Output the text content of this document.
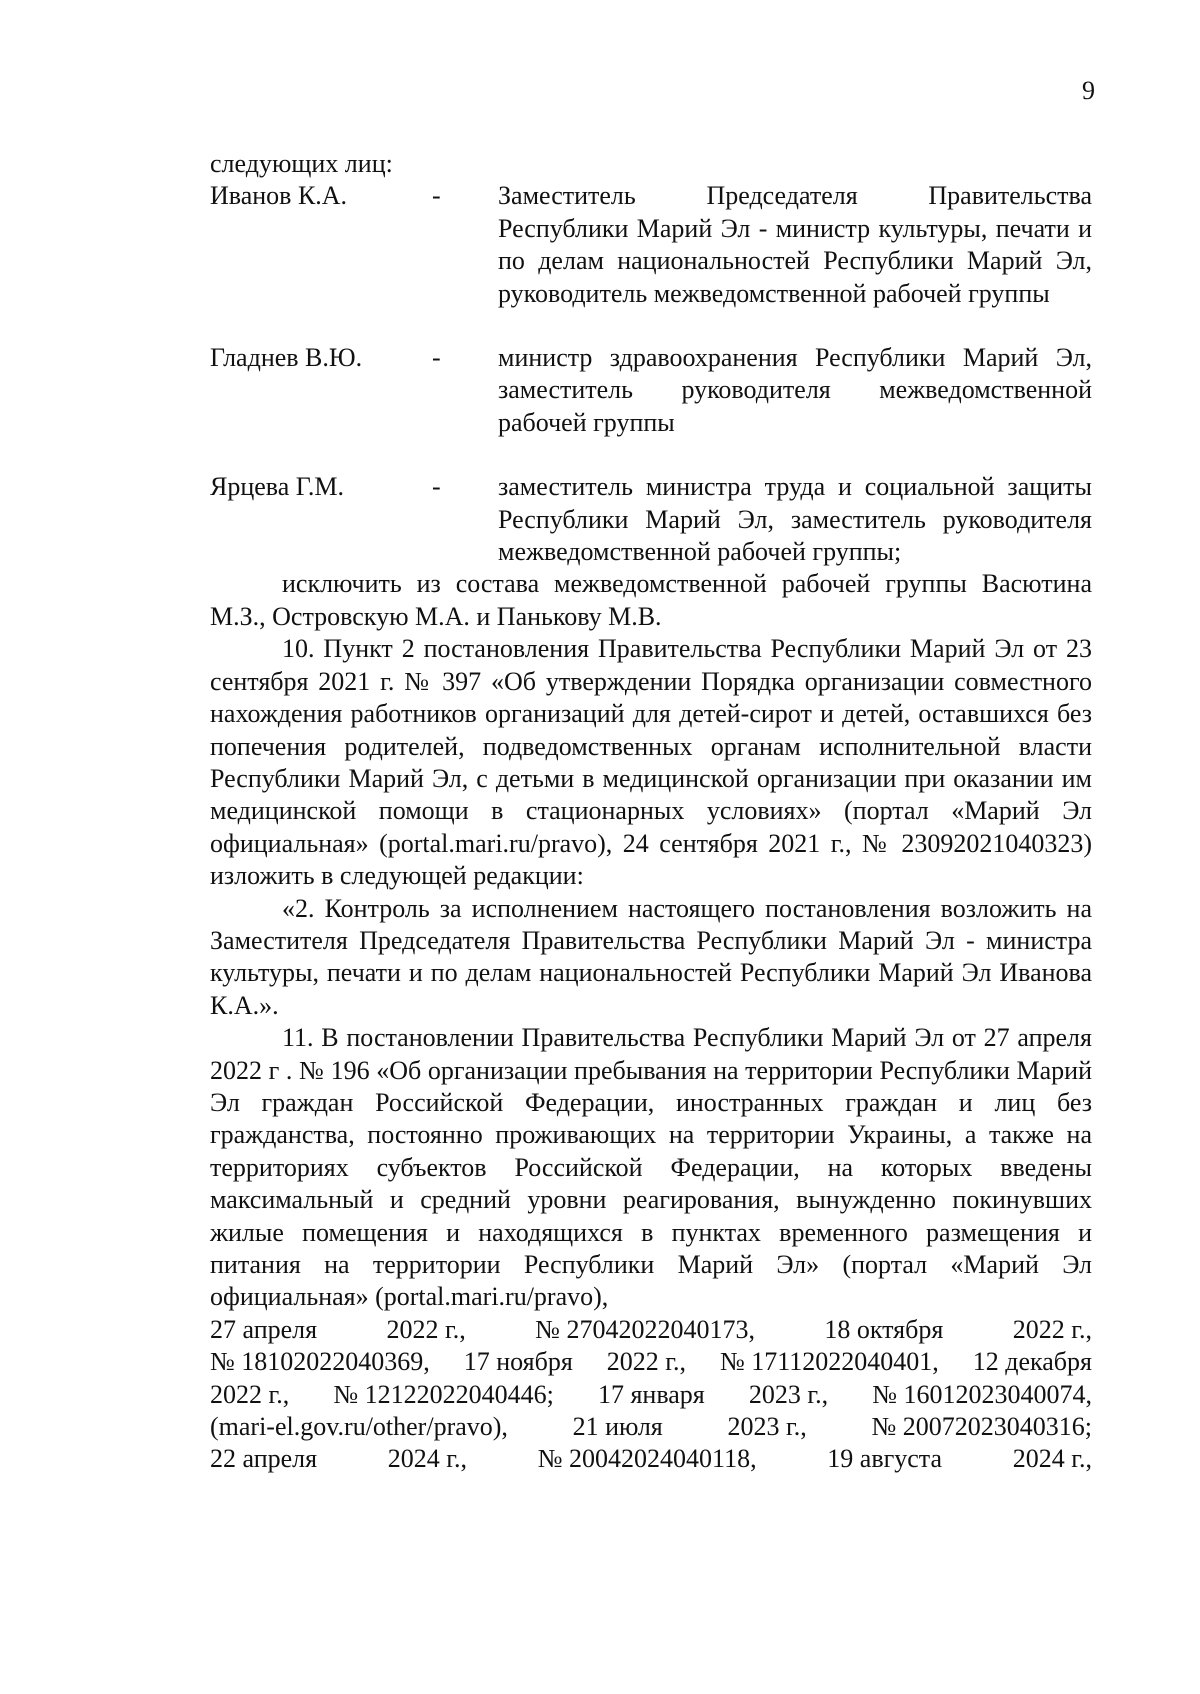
9

следующих лиц:

Иванов К.А.	-	Заместитель Председателя Правительства Республики Марий Эл - министр культуры, печати и по делам национальностей Республики Марий Эл, руководитель межведомственной рабочей группы

Гладнев В.Ю.	-	министр здравоохранения Республики Марий Эл, заместитель руководителя межведомственной рабочей группы

Ярцева Г.М.	-	заместитель министра труда и социальной защиты Республики Марий Эл, заместитель руководителя межведомственной рабочей группы;

исключить из состава межведомственной рабочей группы Васютина М.З., Островскую М.А. и Панькову М.В.

10. Пункт 2 постановления Правительства Республики Марий Эл от 23 сентября 2021 г. № 397 «Об утверждении Порядка организации совместного нахождения работников организаций для детей-сирот и детей, оставшихся без попечения родителей, подведомственных органам исполнительной власти Республики Марий Эл, с детьми в медицинской организации при оказании им медицинской помощи в стационарных условиях» (портал «Марий Эл официальная» (portal.mari.ru/pravo), 24 сентября 2021 г., № 23092021040323) изложить в следующей редакции:

«2. Контроль за исполнением настоящего постановления возложить на Заместителя Председателя Правительства Республики Марий Эл - министра культуры, печати и по делам национальностей Республики Марий Эл Иванова К.А.».

11. В постановлении Правительства Республики Марий Эл от 27 апреля 2022 г . № 196 «Об организации пребывания на территории Республики Марий Эл граждан Российской Федерации, иностранных граждан и лиц без гражданства, постоянно проживающих на территории Украины, а также на территориях субъектов Российской Федерации, на которых введены максимальный и средний уровни реагирования, вынужденно покинувших жилые помещения и находящихся в пунктах временного размещения и питания на территории Республики Марий Эл» (портал «Марий Эл официальная» (portal.mari.ru/pravo),

27 апреля	2022 г.,	№ 27042022040173,	18 октября	2022 г.,

№ 18102022040369, 17 ноября 2022 г., № 17112022040401, 12 декабря

2022 г., № 12122022040446; 17 января 2023 г., № 16012023040074,

(mari-el.gov.ru/other/pravo), 21 июля 2023 г., № 20072023040316;

22 апреля	2024 г.,	№ 20042024040118,	19 августа	2024 г.,
